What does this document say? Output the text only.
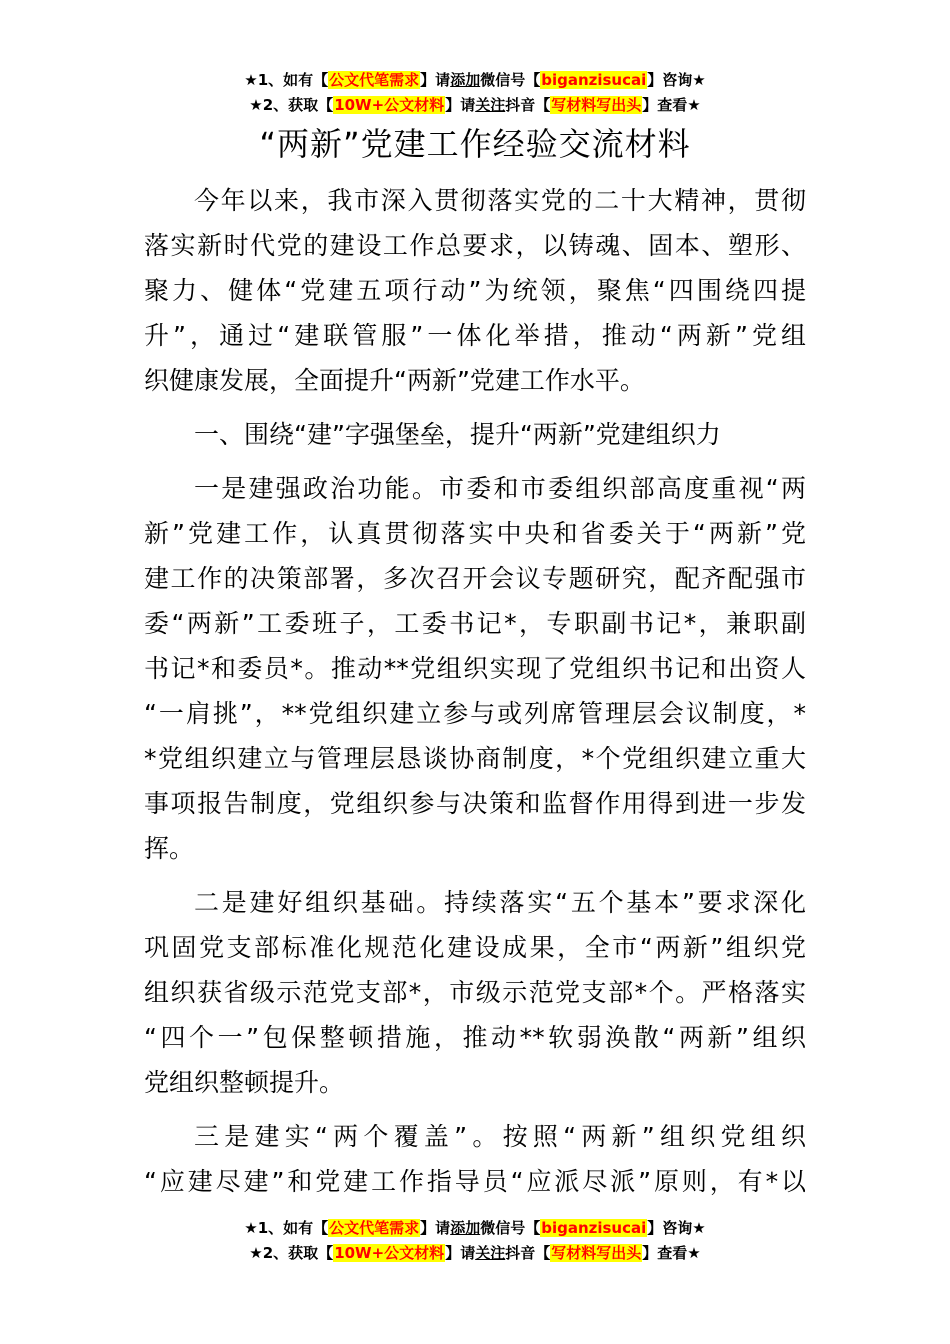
★1、如有【公文代笔需求】请添加微信号【biganzisucai】咨询★
★2、获取【10W+公文材料】请关注抖音【写材料写出头】查看★
“两新”党建工作经验交流材料
今年以来，我市深入贯彻落实党的二十大精神，贯彻
落实新时代党的建设工作总要求，以铸魂、固本、塑形、
聚力、健体“党建五项行动”为统领，聚焦“四围绕四提
升”，通过“建联管服”一体化举措，推动“两新”党组
织健康发展，全面提升“两新”党建工作水平。
一、围绕“建”字强堡垒，提升“两新”党建组织力
一是建强政治功能。市委和市委组织部高度重视“两
新”党建工作，认真贯彻落实中央和省委关于“两新”党
建工作的决策部署，多次召开会议专题研究，配齐配强市
委“两新”工委班子，工委书记*，专职副书记*，兼职副
书记*和委员*。推动**党组织实现了党组织书记和出资人
“一肩挑”，**党组织建立参与或列席管理层会议制度，*
*党组织建立与管理层恳谈协商制度，*个党组织建立重大
事项报告制度，党组织参与决策和监督作用得到进一步发
挥。
二是建好组织基础。持续落实“五个基本”要求深化
巩固党支部标准化规范化建设成果，全市“两新”组织党
组织获省级示范党支部*，市级示范党支部*个。严格落实
“四个一”包保整顿措施，推动**软弱涣散“两新”组织
党组织整顿提升。
三是建实“两个覆盖”。按照“两新”组织党组织
“应建尽建”和党建工作指导员“应派尽派”原则，有*以
★1、如有【公文代笔需求】请添加微信号【biganzisucai】咨询★
★2、获取【10W+公文材料】请关注抖音【写材料写出头】查看★
